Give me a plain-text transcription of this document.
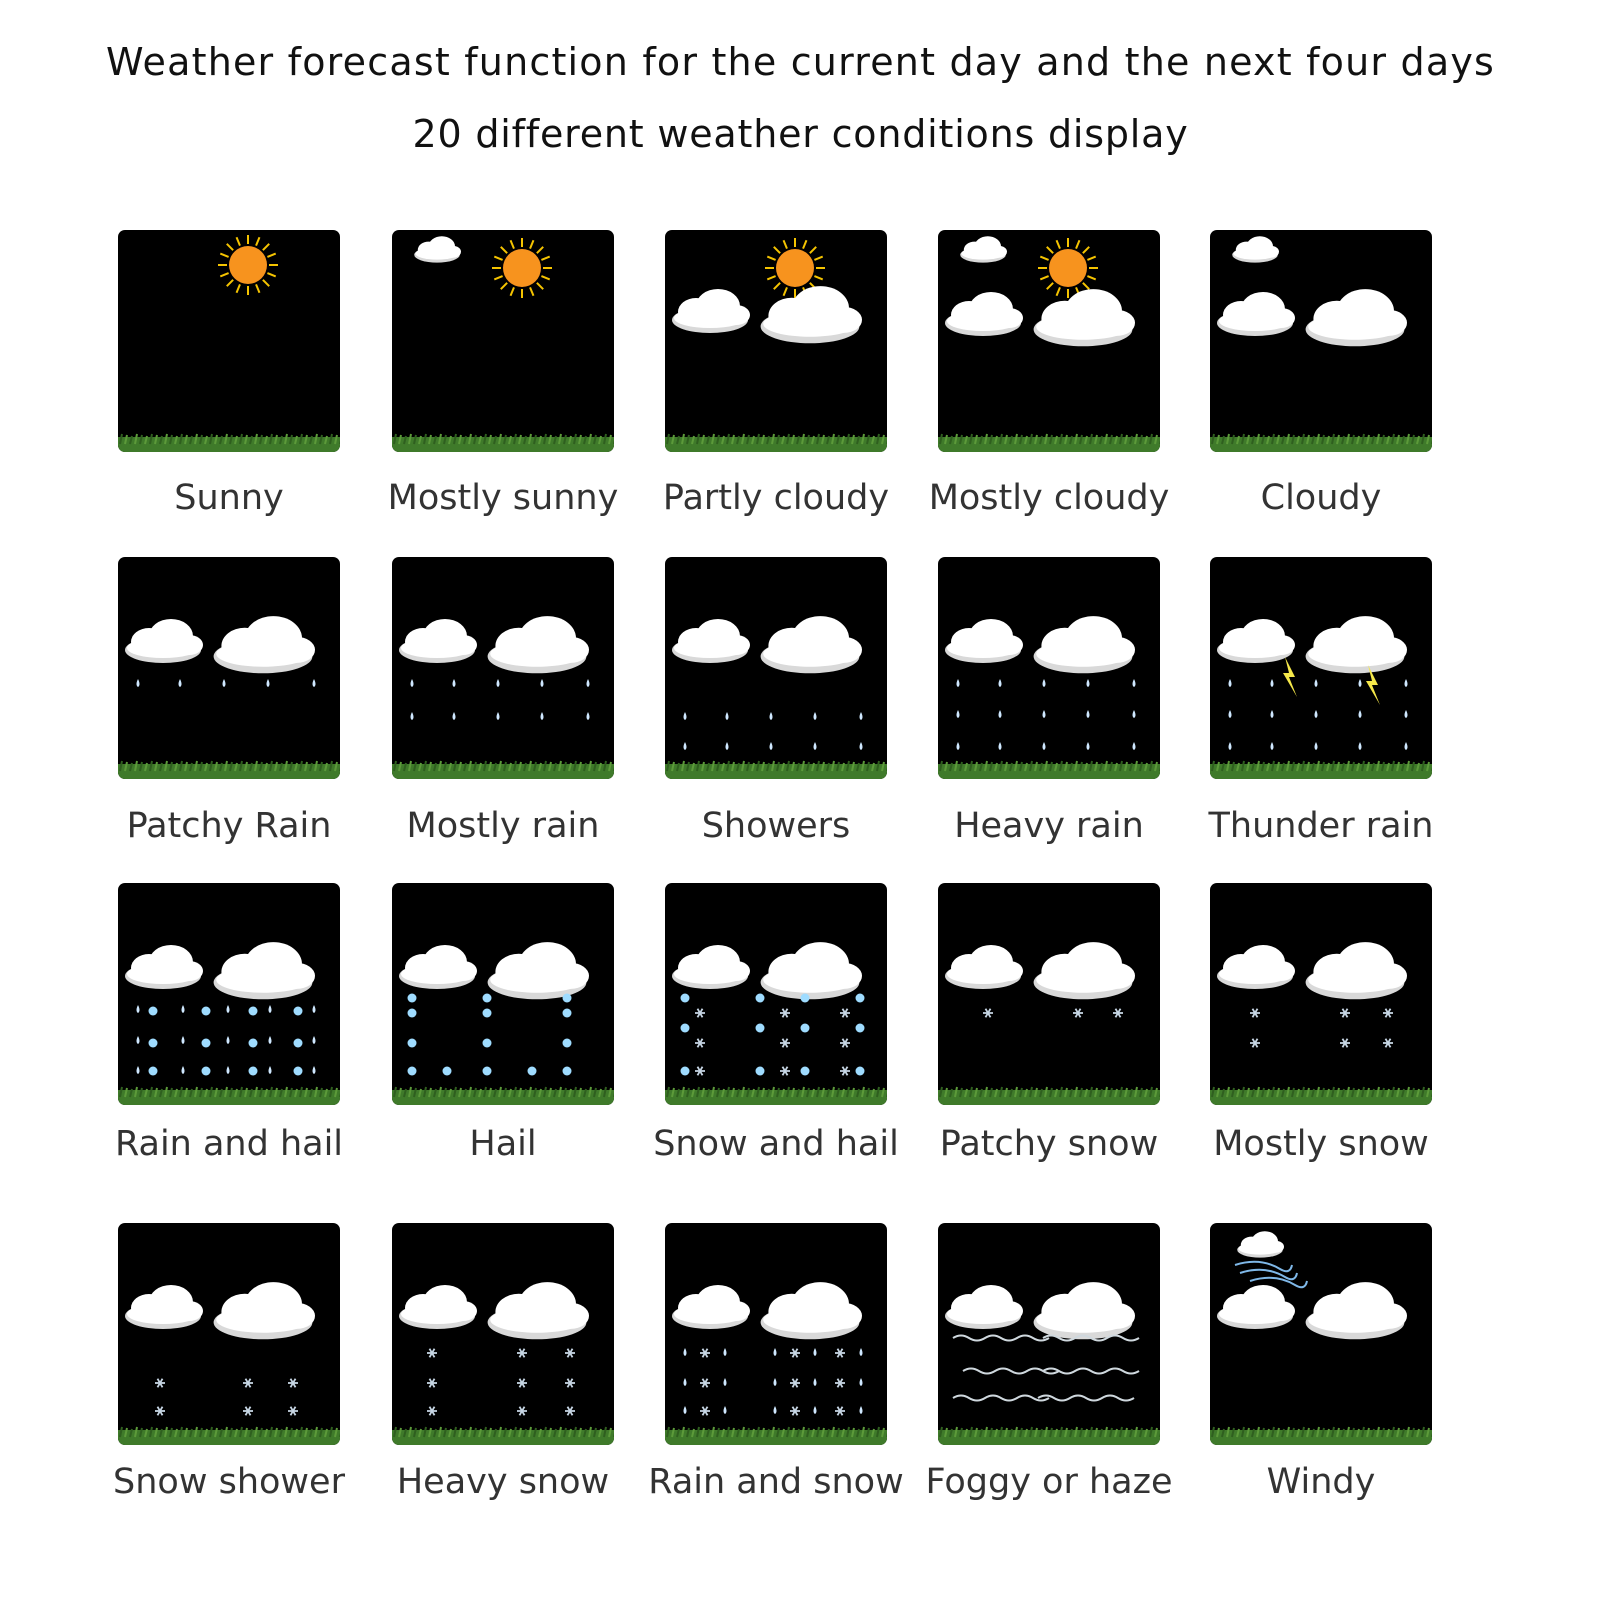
Weather forecast function for the current day and the next four days
20 different weather conditions display
Sunny	Mostly sunny	Partly cloudy	Mostly cloudy	Cloudy
Patchy Rain	Mostly rain	Showers	Heavy rain	Thunder rain
Rain and hail	Hail	Snow and hail	Patchy snow	Mostly snow
Snow shower	Heavy snow	Rain and snow Foggy or haze	Windy
